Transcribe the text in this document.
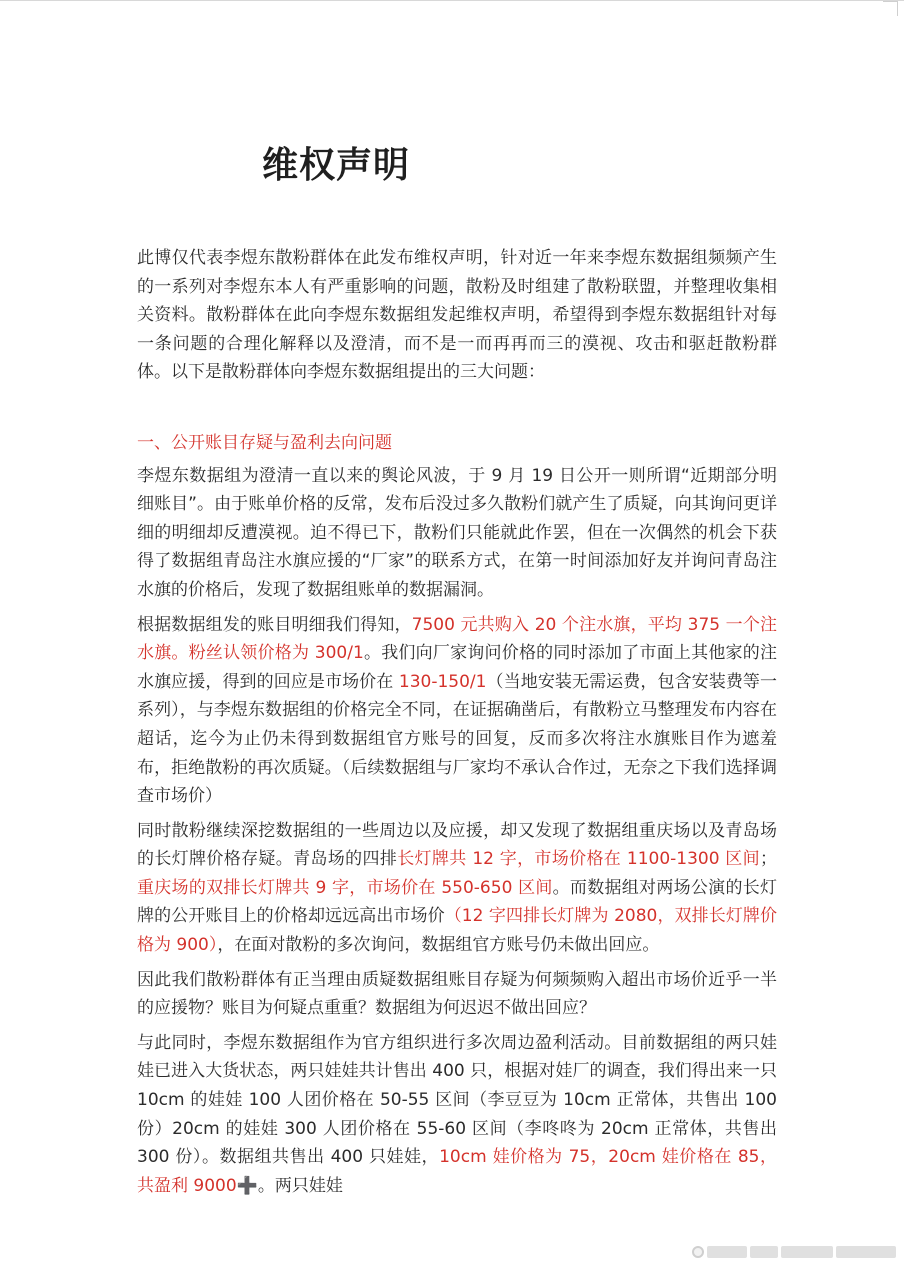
维权声明

此博仅代表李煜东散粉群体在此发布维权声明，针对近一年来李煜东数据组频频产生的一系列对李煜东本人有严重影响的问题，散粉及时组建了散粉联盟，并整理收集相关资料。散粉群体在此向李煜东数据组发起维权声明，希望得到李煜东数据组针对每一条问题的合理化解释以及澄清，而不是一而再再而三的漠视、攻击和驱赶散粉群体。以下是散粉群体向李煜东数据组提出的三大问题：

一、公开账目存疑与盈利去向问题

李煜东数据组为澄清一直以来的舆论风波，于 9 月 19 日公开一则所谓“近期部分明细账目”。由于账单价格的反常，发布后没过多久散粉们就产生了质疑，向其询问更详细的明细却反遭漠视。迫不得已下，散粉们只能就此作罢，但在一次偶然的机会下获得了数据组青岛注水旗应援的“厂家”的联系方式，在第一时间添加好友并询问青岛注水旗的价格后，发现了数据组账单的数据漏洞。

根据数据组发的账目明细我们得知，7500 元共购入 20 个注水旗，平均 375 一个注水旗。粉丝认领价格为 300/1。我们向厂家询问价格的同时添加了市面上其他家的注水旗应援，得到的回应是市场价在 130-150/1（当地安装无需运费，包含安装费等一系列），与李煜东数据组的价格完全不同，在证据确凿后，有散粉立马整理发布内容在超话，迄今为止仍未得到数据组官方账号的回复，反而多次将注水旗账目作为遮羞布，拒绝散粉的再次质疑。（后续数据组与厂家均不承认合作过，无奈之下我们选择调查市场价）

同时散粉继续深挖数据组的一些周边以及应援，却又发现了数据组重庆场以及青岛场的长灯牌价格存疑。青岛场的四排长灯牌共 12 字，市场价格在 1100-1300 区间；重庆场的双排长灯牌共 9 字，市场价在 550-650 区间。而数据组对两场公演的长灯牌的公开账目上的价格却远远高出市场价（12 字四排长灯牌为 2080，双排长灯牌价格为 900），在面对散粉的多次询问，数据组官方账号仍未做出回应。

因此我们散粉群体有正当理由质疑数据组账目存疑为何频频购入超出市场价近乎一半的应援物？账目为何疑点重重？数据组为何迟迟不做出回应？

与此同时，李煜东数据组作为官方组织进行多次周边盈利活动。目前数据组的两只娃娃已进入大货状态，两只娃娃共计售出 400 只，根据对娃厂的调查，我们得出来一只 10cm 的娃娃 100 人团价格在 50-55 区间（李豆豆为 10cm 正常体，共售出 100 份）20cm 的娃娃 300 人团价格在 55-60 区间（李咚咚为 20cm 正常体，共售出 300 份）。数据组共售出 400 只娃娃，10cm 娃价格为 75，20cm 娃价格在 85，共盈利 9000➕。两只娃娃
